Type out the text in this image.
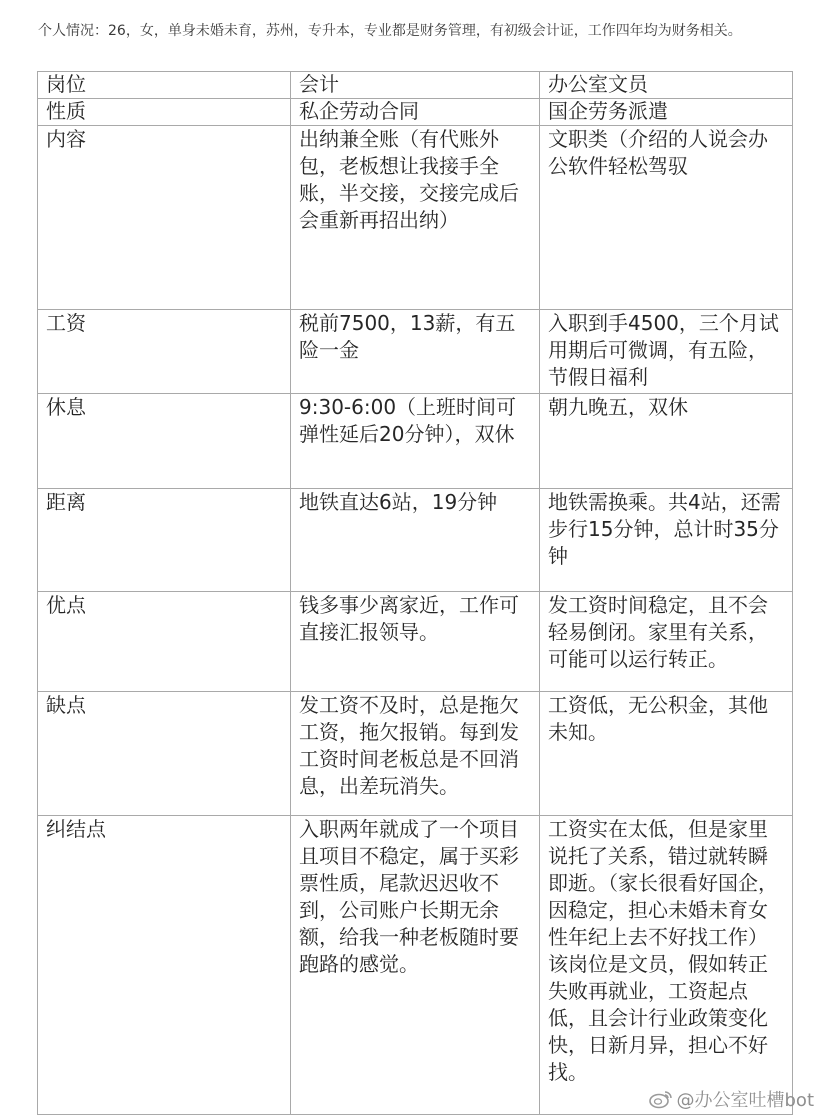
个人情况：26，女，单身未婚未育，苏州，专升本，专业都是财务管理，有初级会计证，工作四年均为财务相关。

岗位	会计	办公室文员
性质	私企劳动合同	国企劳务派遣
内容	出纳兼全账（有代账外包，老板想让我接手全账，半交接，交接完成后会重新再招出纳）	文职类（介绍的人说会办公软件轻松驾驭
工资	税前7500，13薪，有五险一金	入职到手4500，三个月试用期后可微调，有五险，节假日福利
休息	9:30-6:00（上班时间可弹性延后20分钟），双休	朝九晚五，双休
距离	地铁直达6站，19分钟	地铁需换乘。共4站，还需步行15分钟，总计时35分钟
优点	钱多事少离家近，工作可直接汇报领导。	发工资时间稳定，且不会轻易倒闭。家里有关系，可能可以运行转正。
缺点	发工资不及时，总是拖欠工资，拖欠报销。每到发工资时间老板总是不回消息，出差玩消失。	工资低，无公积金，其他未知。
纠结点	入职两年就成了一个项目且项目不稳定，属于买彩票性质，尾款迟迟收不到，公司账户长期无余额，给我一种老板随时要跑路的感觉。	工资实在太低，但是家里说托了关系，错过就转瞬即逝。（家长很看好国企，因稳定，担心未婚未育女性年纪上去不好找工作）该岗位是文员，假如转正失败再就业，工资起点低，且会计行业政策变化快，日新月异，担心不好找。
@办公室吐槽bot
